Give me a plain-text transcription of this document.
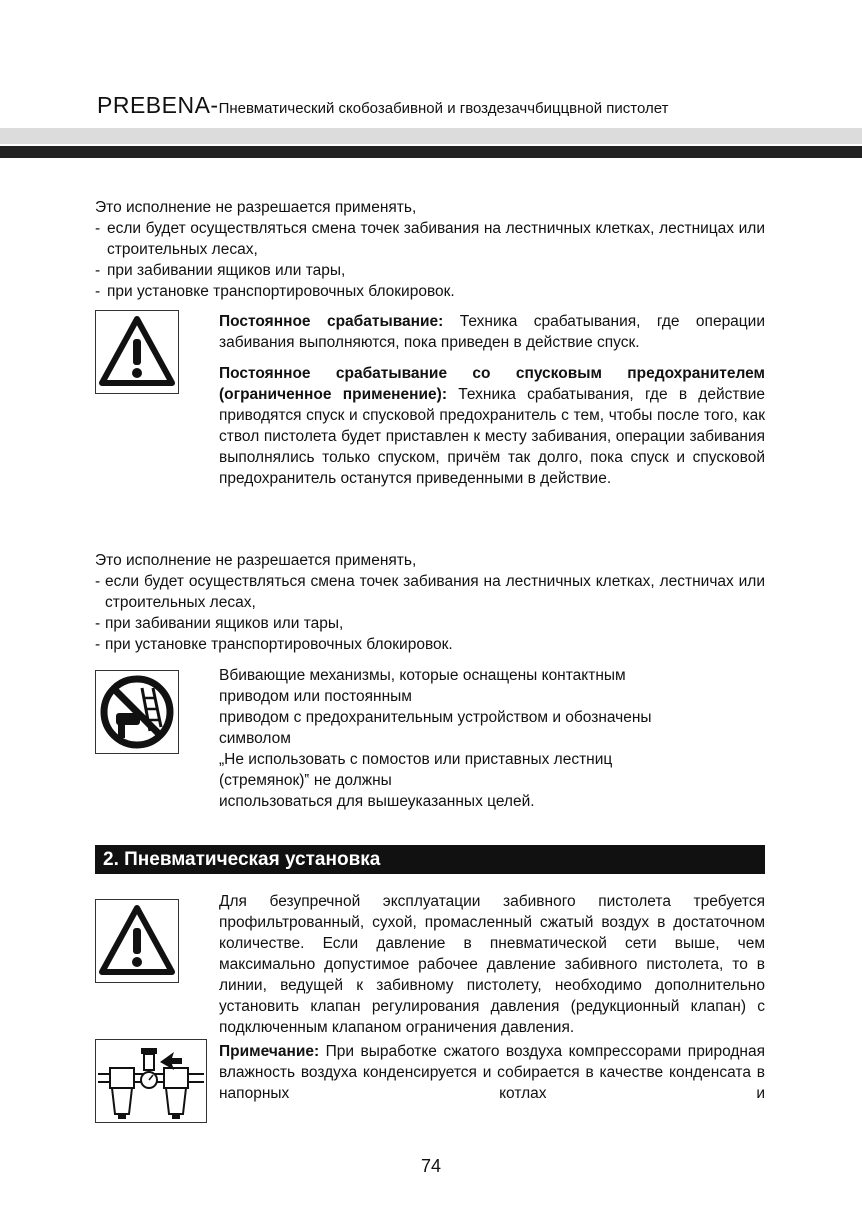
PREBENA-Пневматический скобозабивной и гвоздезаччбиццвной пистолет
Это исполнение не разрешается применять,
- если будет осуществляться смена точек забивания на лестничных клетках, лестницах или строительных лесах,
- при забивании ящиков или тары,
- при установке транспортировочных блокировок.
Постоянное срабатывание: Техника срабатывания, где операции забивания выполняются, пока приведен в действие спуск.
Постоянное срабатывание со спусковым предохранителем (ограниченное применение): Техника срабатывания, где в действие приводятся спуск и спусковой предохранитель с тем, чтобы после того, как ствол пистолета будет приставлен к месту забивания, операции забивания выполнялись только спуском, причём так долго, пока спуск и спусковой предохранитель останутся приведенными в действие.
Это исполнение не разрешается применять,
- если будет осуществляться смена точек забивания на лестничных клетках, лестничах или строительных лесах,
- при забивании ящиков или тары,
- при установке транспортировочных блокировок.
Вбивающие механизмы, которые оснащены контактным
приводом или постоянным
приводом с предохранительным устройством и обозначены
символом
„Не использовать с помостов или приставных лестниц
(стремянок)‟ не должны
использоваться для вышеуказанных целей.
2. Пневматическая установка
Для безупречной эксплуатации забивного пистолета требуется профильтрованный, сухой, промасленный сжатый воздух в достаточном количестве. Если давление в пневматической сети выше, чем максимально допустимое рабочее давление забивного пистолета, то в линии, ведущей к забивному пистолету, необходимо дополнительно установить клапан регулирования давления (редукционный клапан) с подключенным клапаном ограничения давления.
Примечание: При выработке сжатого воздуха компрессорами природная влажность воздуха конденсируется и собирается в качестве конденсата в напорных котлах и
74
